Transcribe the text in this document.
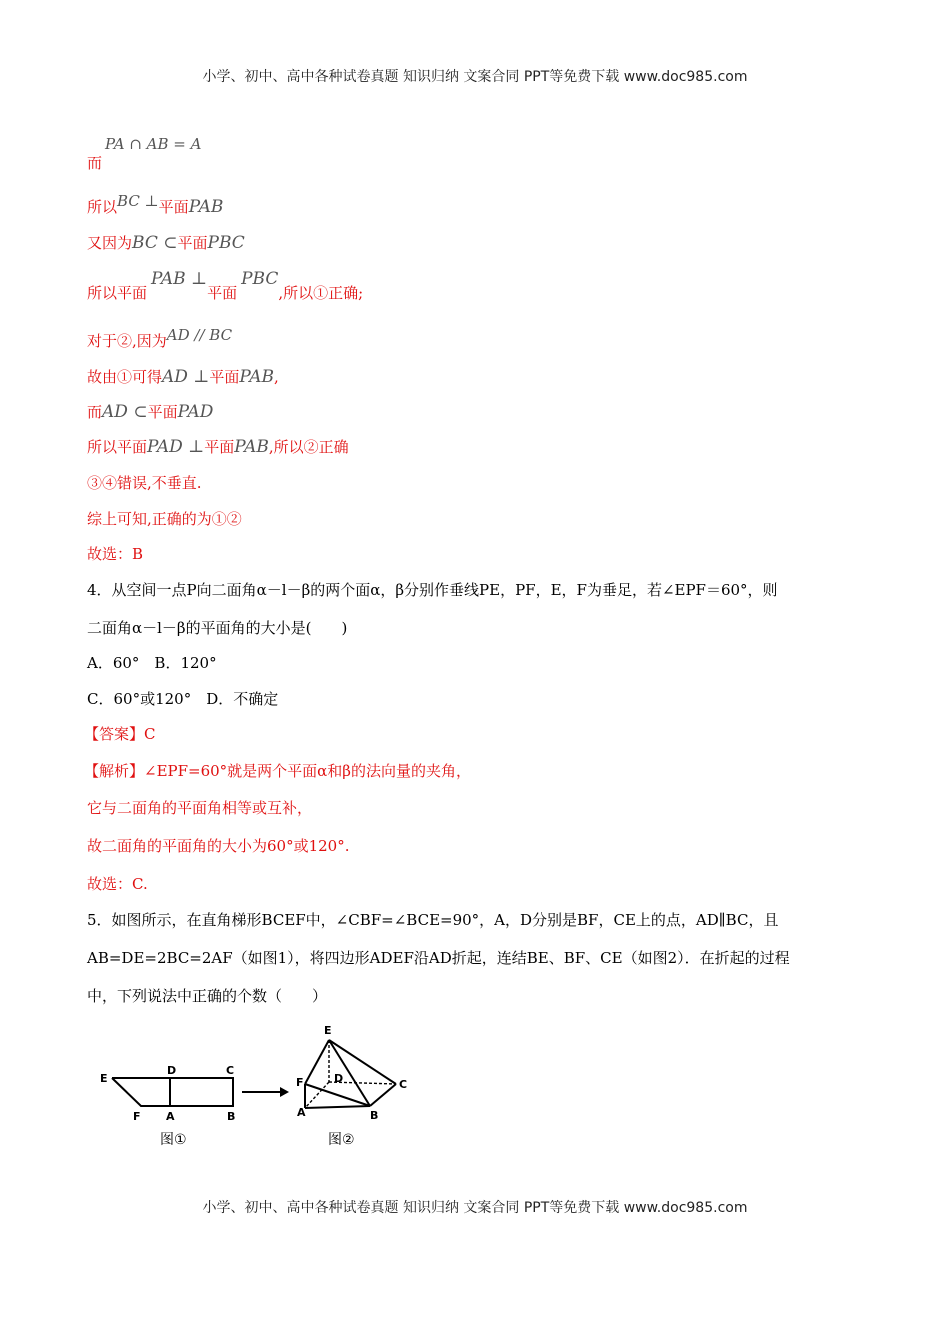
小学、初中、高中各种试卷真题 知识归纳 文案合同 PPT等免费下载 www.doc985.com
PA ∩ AB = A
而
所以BC ⊥平面PAB
又因为BC ⊂平面PBC
所以平面PAB ⊥平面PBC,所以①正确;
对于②,因为AD // BC
故由①可得AD ⊥平面PAB,
而AD ⊂平面PAD
所以平面PAD ⊥平面PAB,所以②正确
③④错误,不垂直.
综上可知,正确的为①②
故选：B
4．从空间一点P向二面角α－l－β的两个面α，β分别作垂线PE，PF，E，F为垂足，若∠EPF＝60°，则
二面角α－l－β的平面角的大小是(　　)
A．60°　B．120°
C．60°或120°　D．不确定
【答案】C
【解析】∠EPF=60°就是两个平面α和β的法向量的夹角，
它与二面角的平面角相等或互补，
故二面角的平面角的大小为60°或120°.
故选：C.
5．如图所示，在直角梯形BCEF中，∠CBF=∠BCE=90°，A，D分别是BF，CE上的点，AD∥BC，且
AB=DE=2BC=2AF（如图1），将四边形ADEF沿AD折起，连结BE、BF、CE（如图2）．在折起的过程
中，下列说法中正确的个数（　　）
E
D	C
F A	B
图①
E
D	C
F
A	B
图②
小学、初中、高中各种试卷真题 知识归纳 文案合同 PPT等免费下载 www.doc985.com
